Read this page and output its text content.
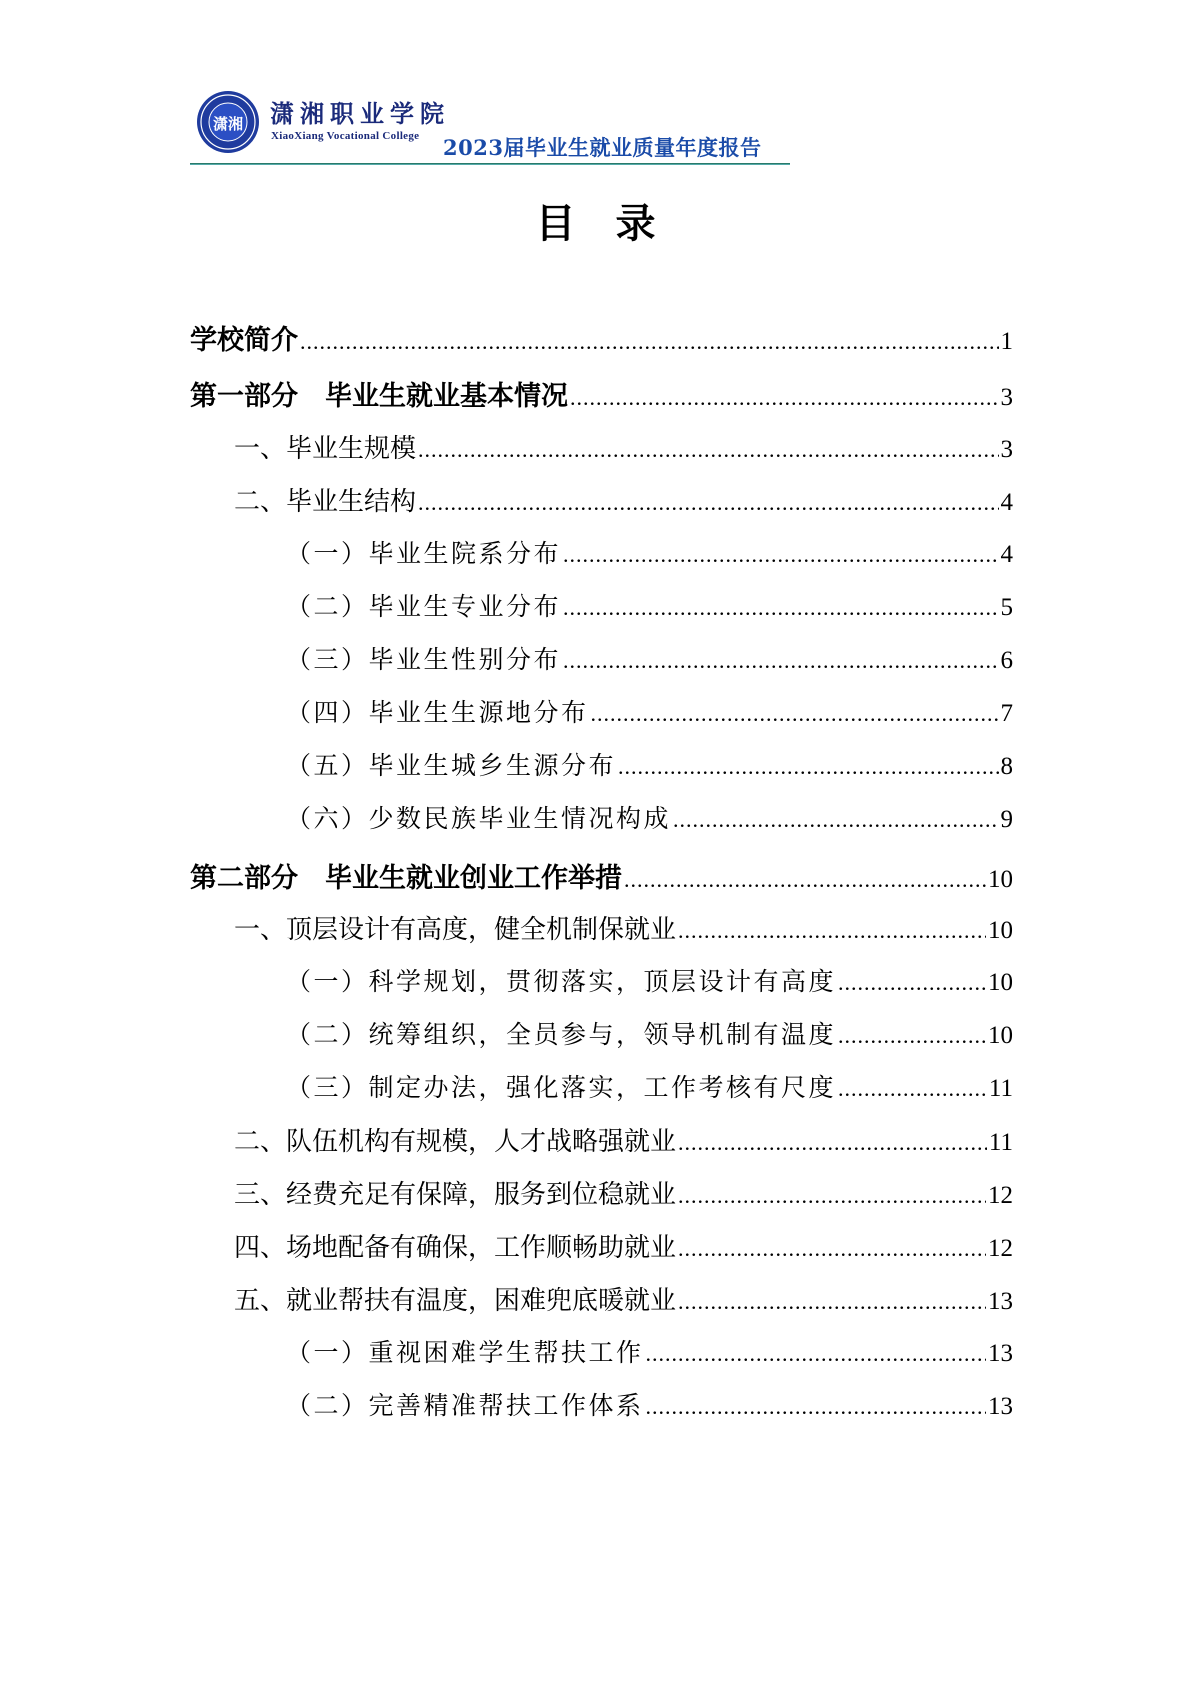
潇湘 潇湘职业学院
XiaoXiang Vocational College 2023届毕业生就业质量年度报告
目录
学校简介 .....	1
第一部分　毕业生就业基本情况 .....	3
一、毕业生规模 .....	3
二、毕业生结构 .....	4
（一）毕业生院系分布 .....	4
（二）毕业生专业分布 .....	5
（三）毕业生性别分布 .....	6
（四）毕业生生源地分布 .....	7
（五）毕业生城乡生源分布 .....	8
（六）少数民族毕业生情况构成 .....	9
第二部分　毕业生就业创业工作举措 .....	10
一、顶层设计有高度，健全机制保就业 .....	10
（一）科学规划，贯彻落实，顶层设计有高度 .....	10
（二）统筹组织，全员参与，领导机制有温度 .....	10
（三）制定办法，强化落实，工作考核有尺度 .....	11
二、队伍机构有规模，人才战略强就业 .....	11
三、经费充足有保障，服务到位稳就业 .....	12
四、场地配备有确保，工作顺畅助就业 .....	12
五、就业帮扶有温度，困难兜底暖就业 .....	13
（一）重视困难学生帮扶工作 .....	13
（二）完善精准帮扶工作体系 .....	13
